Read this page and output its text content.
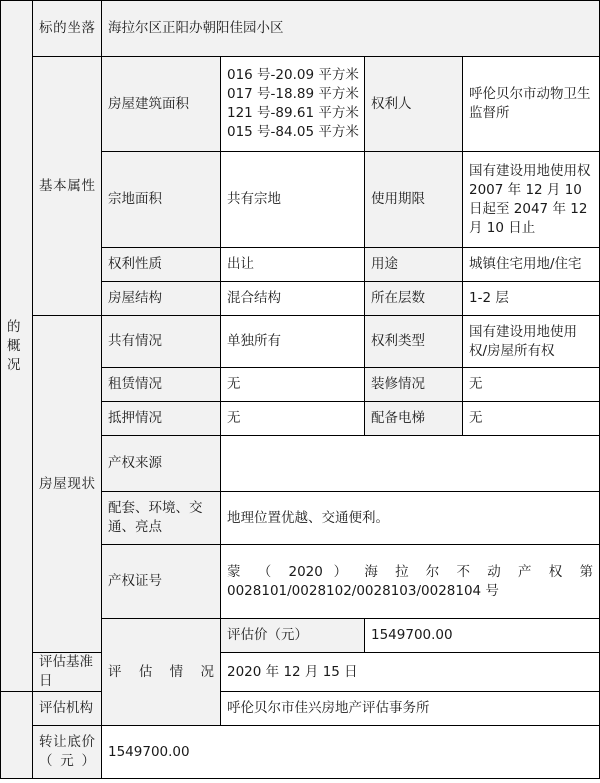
的概况	标的坐落	海拉尔区正阳办朝阳佳园小区			

	基本属性	房屋建筑面积	016 号-20.09 平方米
017 号-18.89 平方米
121 号-89.61 平方米
015 号-84.05 平方米	权利人	呼伦贝尔市动物卫生监督所
		宗地面积	共有宗地	使用期限	国有建设用地使用权 2007 年 12 月 10 日起至 2047 年 12 月 10 日止
		权利性质	出让	用途	城镇住宅用地/住宅
		房屋结构	混合结构	所在层数	1-2 层

	房屋现状	共有情况	单独所有	权利类型	国有建设用地使用权/房屋所有权
		租赁情况	无	装修情况	无
		抵押情况	无	配备电梯	无
		产权来源			
		配套、环境、交通、亮点	地理位置优越、交通便利。		
		产权证号	蒙 （ 2020 ） 海 拉 尔 不 动 产 权 第
0028101/0028102/0028103/0028104 号		

		评估情况	评估价（元）	1549700.00	
	评估基准日		2020 年 12 月 15 日		
	评估机构		呼伦贝尔市佳兴房地产评估事务所		

	转让底价（元）	1549700.00			
